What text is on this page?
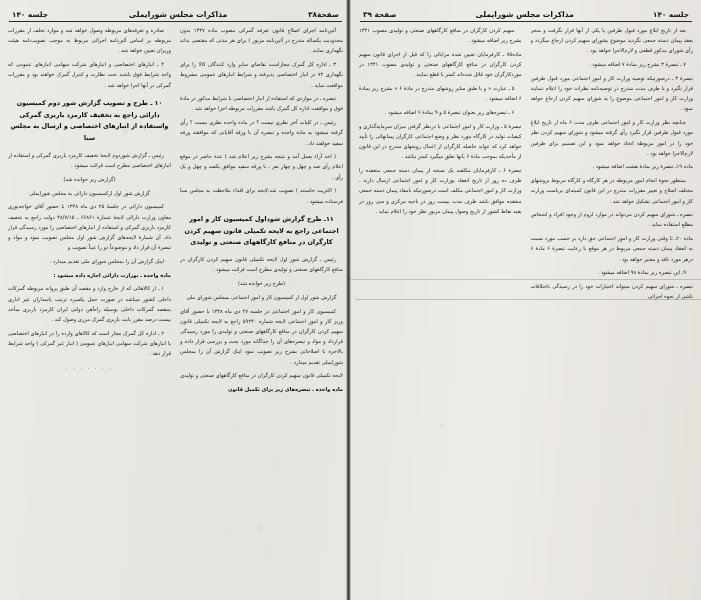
صفحة۳۸
مذاکرات مجلس شورایملی
جلسه ۱۴۰

صادره و تعرفه‌های مربوطه وصول خواهد شد و موارد تخلف از مقررات مربوطه بر اساس آئین‌نامه اجرائی مربوط به موجب تصویب‌نامه هیئت وزیران تعیین خواهد شد .

۴ ـ انبارهای اختصاصی و انبارهای شرکت سهامی انبارهای عمومی که واجد شرایط فوق باشند تحت نظارت و کنترل گمرک خواهند بود و مقررات گمرکی در آنها اجرا خواهد شد .

۱۰ ـ طرح و تصویب گزارش شور دوم کمیسیون دارائی راجع به تخفیف کارمزد باربری گمرکی واستفاده از انبارهای اختصاصی و ارسال به مجلس سنا

رئیس ـ گزارش شوردوم لایحهٔ تخفیف کارمزد باربری گمرکی و استفاده از انبارهای اختصاصی مطرح است قرائت میشود .

(گزارش زیر خوانده شد)

گزارش شور اول ازکمیسیون دارائی به مجلس شورایملی

کمیسیون دارائی در جلسهٔ ۲۵ دی ماه ۱۳۴۸ با حضور آقای خواجه‌نوری معاون وزارت دارائی لایحهٔ شمارهٔ ۶۶۸۶۱ ـ ۴۸/۷/۱۵ دولت راجع به تخفیف کارمزد باربری گمرکی و استفاده از انبارهای اختصاصی را مورد رسیدگی قرار داد. آن شمارهٔ لایحه‌های گزارش شور اول مجلس تصویب نمود و مواد و تبصرهٔ آن قرار داد و موضوعاً دو را عیناً تصویب و

اینک گزارش آن را بمجلس شورای ملی تقدیم میدارد .

مادة واحده ـ بوزارت دارائی اجازه داده میشود :

۱ ـ از کالاهائی که از خارج وارد و مقصد آن طبق پروانه مربوطه گمرکات داخلی کشور میباشد در صورت حمل یکسره ترتیب پاسداران غیر اداری بمقصد گمرکات داخلی بوسیله راه‌آهن دولتی ایران کارمزد باربری بمأخذ بیست درصد مقرر بابت باربری گمرک مرزی وصول کند .

۲ ـ اداره کل گمرک مجاز است که کالاهای وارده را در انبارهای اختصاصی یا انبارهای شرکت سهامی انبارهای عمومی ( انبار غیر گمرکی ) واجد شرایط قرار دهد .

· · · · · · ·

آئین‌نامه اجرای اصلاح قانون تعرفه گمرکی مصوب ماده ۱۳۳۷ بدون محدودیت یکساله مندرج در آئین‌نامه مزبور ) برای هر مدتی که مقتضی بداند نگهداری نمایند .

۳ ـ اداره کل گمرک مجازاست تقاضای سایر وارد کنندگان کالا را برای نگهداری ۷۲ در انبار اختصاصی پذیرفته و شرایط انبارهای عمومی مشروط مواقعت نماید .

تبصره ـ در مواردی که استفاده از انبار اختصاصی با شرایط مذکور در مادهٔ فوق و موافقت اداره کل گمرک باشد مقررات مربوطه اجرا خواهد شد .

رئیس ـ در کلیات آخر نظری نیست ؟ در ماده واحده نظری نیست ؟ رأی گرفته میشود به ماده واحده و تبصره آن با ورقه آقایانی که موافقند ورقه سفید خواهند داد .

( اخذ آراء بعمل آمد و نتیجه بشرح زیر اعلام شد ) عدهٔ حاضر در موقع اعلام رأی صد و چهل و چهار نفر ، با ورقه سفید موافق یکصد و چهل و یک رأی .

( اکثریت خاستند ) تصویب شد.لایحه برای اقداء ملاحظت به مجلس سنا فرستاده میشود .

۱۱ـ طرح گزارش شوداول کمیسیون کار و امور اجتماعی راجع به لایحه تکمیلی قانون سهیم کردن کارگران در منافع کارگاههای صنعتی و تولیدی

رئیس ـ گزارش شور اول لایحه تکمیلی قانون سهیم کردن کارگران در منافع کارگاههای صنعتی و تولیدی مطرح است قرائت میشود .

(طرح زیر خوانده شد)

گزارش شور اول از کمیسیون کار و امور اجتماعی بمجلس شورای ملی

کمیسیون کار و امور اجتماعی در جلسه ۲۷ دی ماه ۱۳۴۸ با حضور آقای وزیر کار و امور اجتماعی لایحه شماره ۵۹۲۴۰ راجع به لایحه تکمیلی قانون سهیم کردن کارگران در منافع کارگاههای صنعتی و تولیدی را مورد رسیدگی قرارداد و مواد و تبصره‌های آن را جداگانه مورد بحث و بررسی قرار داده و بالاخره با اصلاحاتی بشرح زیر تصویب نمود اینک گزارش آن را بمجلس شورایملی تقدیم میدارد .

لایحه تکمیلی قانون سهیم کردن کارگران در منافع کارگاههای صنعتی و تولیدی

ماده واحده ـ تبصره‌های زیر برای تکمیل قانون

جلسه ۱۴۰
مذاکرات مجلس شورایملی
صفحة ۳۹

سهیم کردن کارگران در منافع کارگاههای صنعتی و تولیدی مصوب ۱۳۴۱ بشرح زیر اضافه میشود .

ماده۷۵ ـ کارفرمایان تعیین شده مزایائی را که قبل از اجرای قانون سهیم کردن کارگران در منافع کارگاههای صنعتی و تولیدی مصوب ۱۳۴۱ در موردکارگران خود قائل شده‌اند کمتر یا قطع نمایند .

۵ ـ عبارت « و با طبق سایر روشهای مندرج در مادهٔ ۶ » بشرح زیر بمادهٔ ۶ اضافه میشود .

۶ ـ تبصره‌های زیر بعنوان تبصرهٔ ۵ و ۹ بمادهٔ ۶ اضافه میشود .

تبصرهٔ ۵ ـ وزارت کار و امور اجتماعی با درنظر گرفتن میزان سرمایه‌گذاری و کیفیات تولید در کارگاه مورد نظر و وضع اجتماعی کارگران پیمانهائی را تأیید خواهد کرد که عواید حاصله کارگران از اعمال روشهای مندرج در این قانون از مأخذیکه بموجب مادهٔ ۶ بآنها تعلق میگیرد کمتر نباشد .

تبصرهٔ ۶ ـ کارفرمایان مکلفند یک نسخه از پیمان دسته جمعی منعقده را ظرف ده روز از تاریخ انعقاد بوزارت کار و امور اجتماعی ارسال دارند . وزارت کار و امور اجتماعی مکلف است درصورتیکه بامفاد پیمان دسته جمعی منعقده موافق باشد ظرف مدت بیست روز در ناحیه مرکزی و سی روز در بقیه نقاط کشور از تاریخ وصول پیمان مزبور نظر خود را اعلام نماید .

بعد از تاریخ ابلاغ مورد قبول طرفین یا یکی از آنها قرار نگرفت و منجر بعقد پیمان دسته جمعی نگردید موضوع بشورای سهیم کردن ارجاع میگردد و رأی شورای مذکور قطعی و لازم‌الاجرا خواهد بود .

۷ ـ تبصرهٔ ۳ بشرح زیر بمادهٔ ۷ اضافه میشود .

تبصرهٔ ۳ ـ درصورتیکه توصیه وزارت کار و امور اجتماعی مورد قبول طرفین قرار نگیرد و یا طرف مدت مندرج در توصیه‌نامه نظرات خود را اعلام ننمایند وزارت کار و امور اجتماعی موضوع را به شورای سهیم کردن ارجاع خواهد نمود .

چنانچه نظر وزارت کار و امور اجتماعی ظرف مدت ۶ ماه از تاریخ ابلاغ مورد قبول طرفین قرار نگیرد رأی گرفته میشود و شورای سهیم کردن نظر خود را در امور مربوطه اتخاذ خواهد نمود و این تصمیم برای طرفین لازم‌الاجرا خواهد بود .

ماده ۱۹ـ تبصرهٔ زیر بمادهٔ هشت اضافه میشود .

بمنظور نحوهٔ انجام امور مربوطه در هر کارگاه و کارگاه مربوط بروشهای مختلف اصلاح و تغییر مقررات مندرج در این قانون کمیته‌ای بریاست وزارت کار و امور اجتماعی تشکیل خواهد شد .

تبصره ـ شورای سهیم کردن می‌تواند در موارد لزوم از وجود افراد و اشخاص مطلع استفاده نماید .

ماده ۲۰ـ تا وقتی وزارت کار و امور اجتماعی حق دارد بر حسب مورد نسبت به انعقاد پیمان دسته جمعی مربوط در هر موقع با رعایت تبصرهٔ ۶ مادهٔ ۶ درهر مورد نافذ و معتبر خواهد بود .

۹ـ این تبصره زیر بمادهٔ ۹۸ اضافه میشود .

تبصره ـ شورای سهیم کردن میتواند اختیارات خود را در رسیدگی باختلافات ناشی از نحوه اجرائی
